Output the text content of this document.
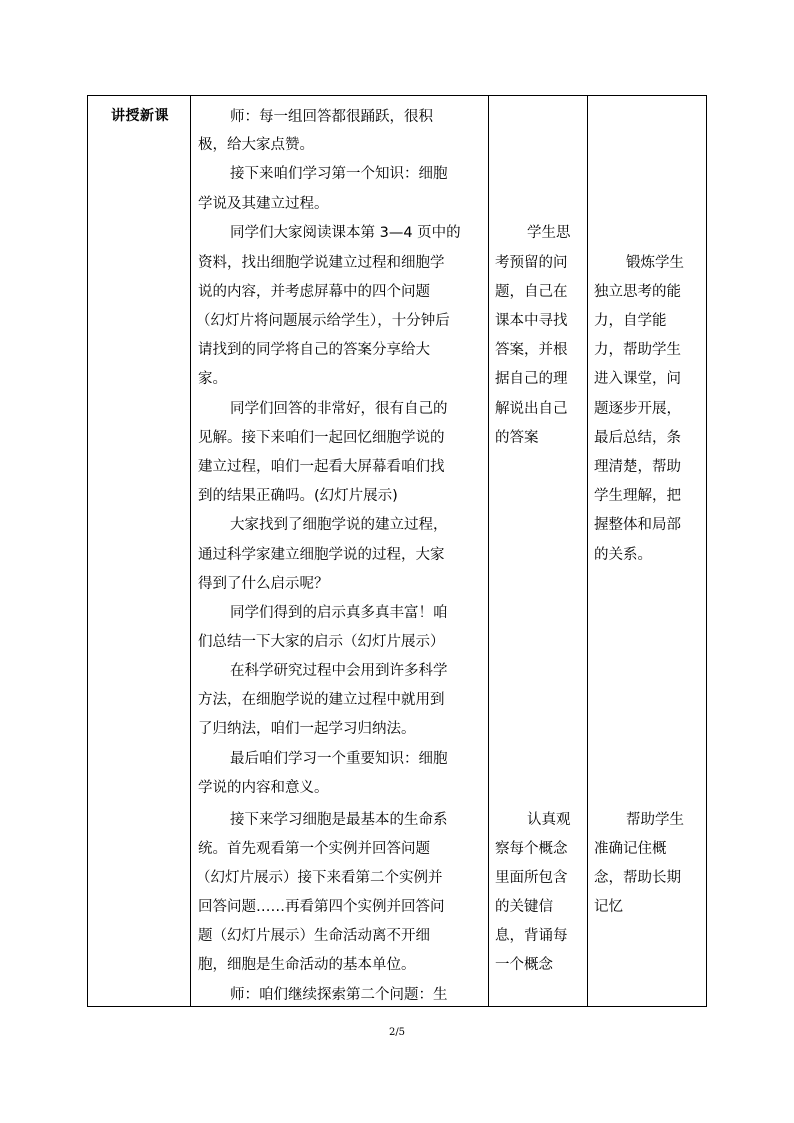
讲授新课	师：每一组回答都很踊跃，很积
极，给大家点赞。
接下来咱们学习第一个知识：细胞
学说及其建立过程。
同学们大家阅读课本第 3—4 页中的
资料，找出细胞学说建立过程和细胞学
说的内容，并考虑屏幕中的四个问题
（幻灯片将问题展示给学生），十分钟后
请找到的同学将自己的答案分享给大
家。
同学们回答的非常好，很有自己的
见解。接下来咱们一起回忆细胞学说的
建立过程，咱们一起看大屏幕看咱们找
到的结果正确吗。(幻灯片展示)
大家找到了细胞学说的建立过程，
通过科学家建立细胞学说的过程，大家
得到了什么启示呢？
同学们得到的启示真多真丰富！咱
们总结一下大家的启示（幻灯片展示）
在科学研究过程中会用到许多科学
方法，在细胞学说的建立过程中就用到
了归纳法，咱们一起学习归纳法。
最后咱们学习一个重要知识：细胞
学说的内容和意义。
接下来学习细胞是最基本的生命系
统。首先观看第一个实例并回答问题
（幻灯片展示）接下来看第二个实例并
回答问题……再看第四个实例并回答问
题（幻灯片展示）生命活动离不开细
胞，细胞是生命活动的基本单位。
师：咱们继续探索第二个问题：生
学生思
考预留的问
题，自己在
课本中寻找
答案，并根
据自己的理
解说出自己
的答案
认真观
察每个概念
里面所包含
的关键信
息，背诵每
一个概念
锻炼学生
独立思考的能
力，自学能
力，帮助学生
进入课堂，问
题逐步开展，
最后总结，条
理清楚，帮助
学生理解，把
握整体和局部
的关系。
帮助学生
准确记住概
念，帮助长期
记忆
2/5
